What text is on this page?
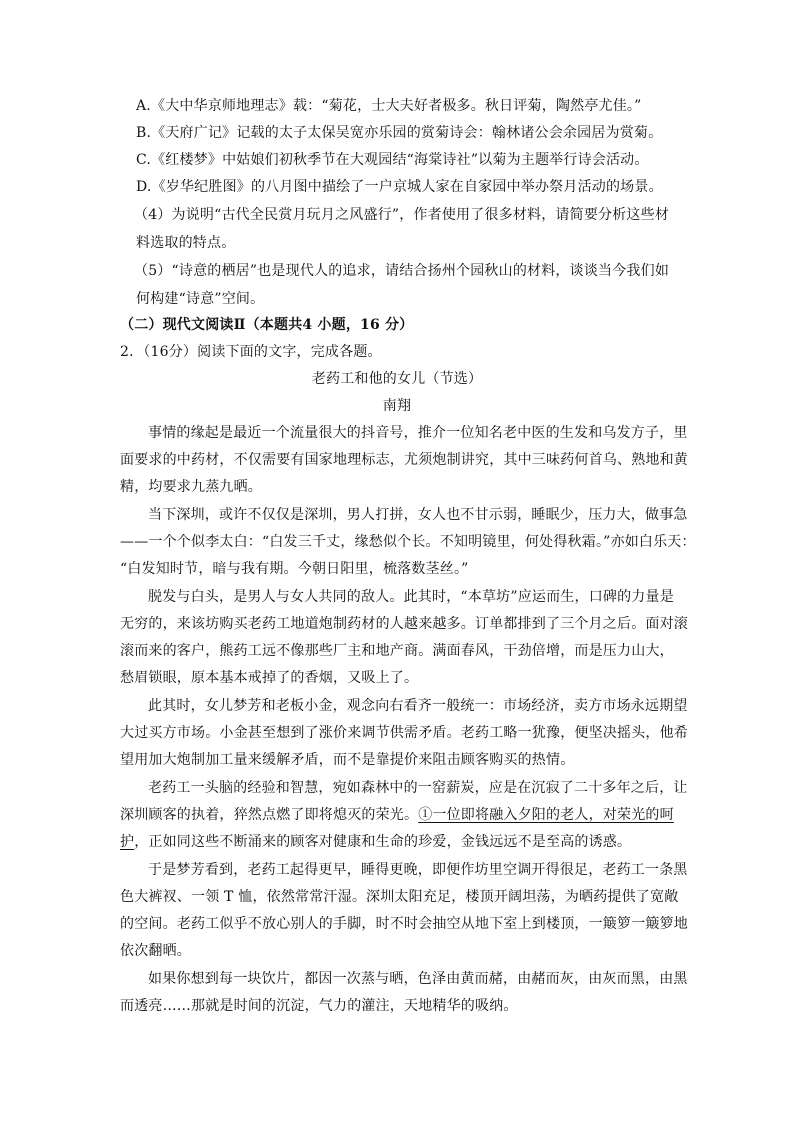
A.《大中华京师地理志》载：“菊花，士大夫好者极多。秋日评菊，陶然亭尤佳。”
B.《天府广记》记载的太子太保吴宽亦乐园的赏菊诗会：翰林诸公会余园居为赏菊。
C.《红楼梦》中姑娘们初秋季节在大观园结“海棠诗社”以菊为主题举行诗会活动。
D.《岁华纪胜图》的八月图中描绘了一户京城人家在自家园中举办祭月活动的场景。
（4）为说明“古代全民赏月玩月之风盛行”，作者使用了很多材料，请简要分析这些材
料选取的特点。
（5）“诗意的栖居”也是现代人的追求，请结合扬州个园秋山的材料，谈谈当今我们如
何构建“诗意”空间。
（二）现代文阅读Ⅱ（本题共4 小题，16 分）
2．（16分）阅读下面的文字，完成各题。
老药工和他的女儿（节选）
南翔
事情的缘起是最近一个流量很大的抖音号，推介一位知名老中医的生发和乌发方子，里
面要求的中药材，不仅需要有国家地理标志，尤须炮制讲究，其中三味药何首乌、熟地和黄
精，均要求九蒸九晒。
当下深圳，或许不仅仅是深圳，男人打拼，女人也不甘示弱，睡眠少，压力大，做事急
——一个个似李太白：“白发三千丈，缘愁似个长。不知明镜里，何处得秋霜。”亦如白乐天：
“白发知时节，暗与我有期。今朝日阳里，梳落数茎丝。”
脱发与白头，是男人与女人共同的敌人。此其时，“本草坊”应运而生，口碑的力量是
无穷的，来该坊购买老药工地道炮制药材的人越来越多。订单都排到了三个月之后。面对滚
滚而来的客户，熊药工远不像那些厂主和地产商。满面春风，干劲倍增，而是压力山大，
愁眉锁眼，原本基本戒掉了的香烟，又吸上了。
此其时，女儿梦芳和老板小金，观念向右看齐一般统一：市场经济，卖方市场永远期望
大过买方市场。小金甚至想到了涨价来调节供需矛盾。老药工略一犹豫，便坚决摇头，他希
望用加大炮制加工量来缓解矛盾，而不是靠提价来阻击顾客购买的热情。
老药工一头脑的经验和智慧，宛如森林中的一窑薪炭，应是在沉寂了二十多年之后，让
深圳顾客的执着，猝然点燃了即将熄灭的荣光。①一位即将融入夕阳的老人，对荣光的呵
护，正如同这些不断涌来的顾客对健康和生命的珍爱，金钱远远不是至高的诱惑。
于是梦芳看到，老药工起得更早，睡得更晚，即便作坊里空调开得很足，老药工一条黑
色大裤衩、一领 T 恤，依然常常汗湿。深圳太阳充足，楼顶开阔坦荡，为晒药提供了宽敞
的空间。老药工似乎不放心别人的手脚，时不时会抽空从地下室上到楼顶，一簸箩一簸箩地
依次翻晒。
如果你想到每一块饮片，都因一次蒸与晒，色泽由黄而赭，由赭而灰，由灰而黑，由黑
而透亮……那就是时间的沉淀，气力的灌注，天地精华的吸纳。
